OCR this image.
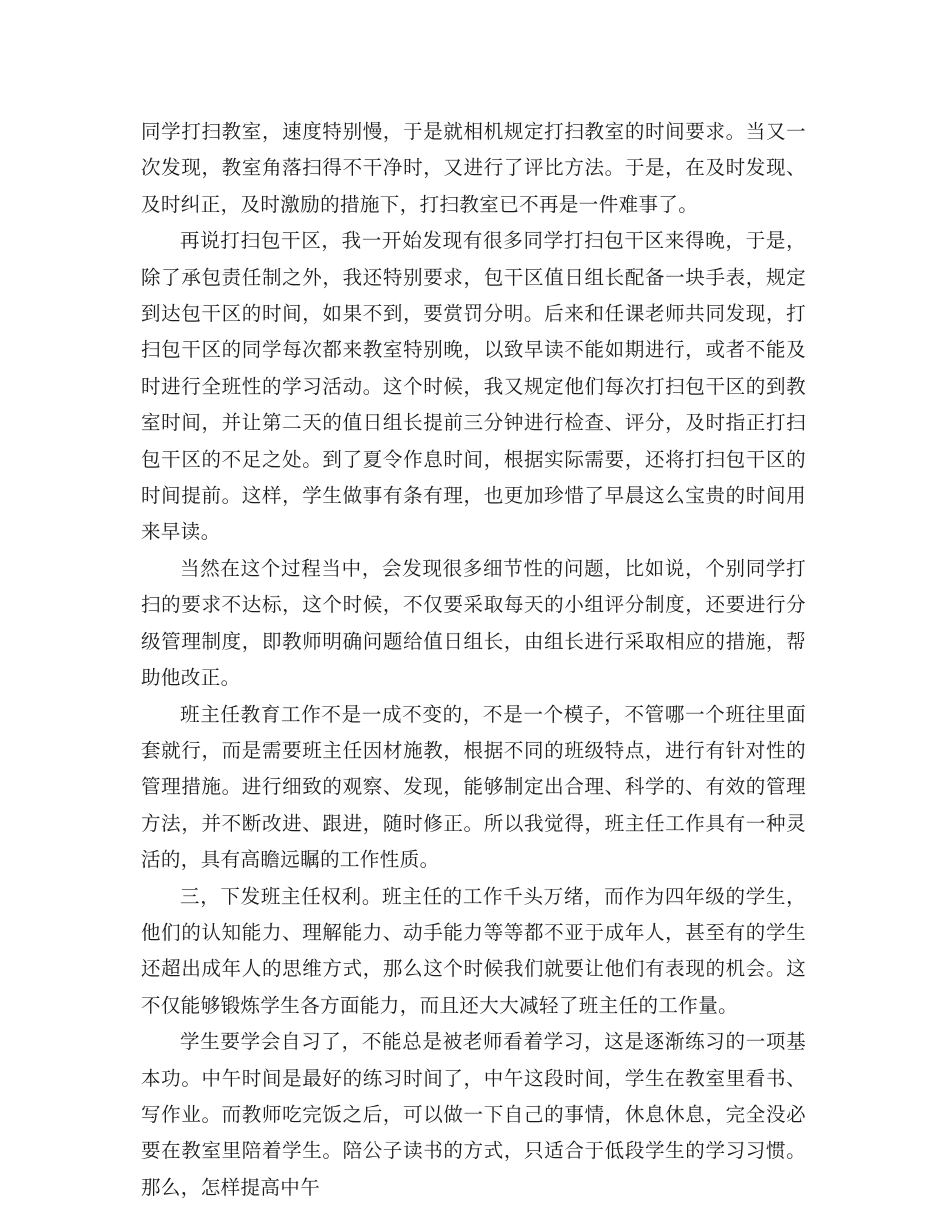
同学打扫教室，速度特别慢，于是就相机规定打扫教室的时间要求。当又一次发现，教室角落扫得不干净时，又进行了评比方法。于是，在及时发现、及时纠正，及时激励的措施下，打扫教室已不再是一件难事了。

再说打扫包干区，我一开始发现有很多同学打扫包干区来得晚，于是，除了承包责任制之外，我还特别要求，包干区值日组长配备一块手表，规定到达包干区的时间，如果不到，要赏罚分明。后来和任课老师共同发现，打扫包干区的同学每次都来教室特别晚，以致早读不能如期进行，或者不能及时进行全班性的学习活动。这个时候，我又规定他们每次打扫包干区的到教室时间，并让第二天的值日组长提前三分钟进行检查、评分，及时指正打扫包干区的不足之处。到了夏令作息时间，根据实际需要，还将打扫包干区的时间提前。这样，学生做事有条有理，也更加珍惜了早晨这么宝贵的时间用来早读。

当然在这个过程当中，会发现很多细节性的问题，比如说，个别同学打扫的要求不达标，这个时候，不仅要采取每天的小组评分制度，还要进行分级管理制度，即教师明确问题给值日组长，由组长进行采取相应的措施，帮助他改正。

班主任教育工作不是一成不变的，不是一个模子，不管哪一个班往里面套就行，而是需要班主任因材施教，根据不同的班级特点，进行有针对性的管理措施。进行细致的观察、发现，能够制定出合理、科学的、有效的管理方法，并不断改进、跟进，随时修正。所以我觉得，班主任工作具有一种灵活的，具有高瞻远瞩的工作性质。

三，下发班主任权利。班主任的工作千头万绪，而作为四年级的学生，他们的认知能力、理解能力、动手能力等等都不亚于成年人，甚至有的学生还超出成年人的思维方式，那么这个时候我们就要让他们有表现的机会。这不仅能够锻炼学生各方面能力，而且还大大减轻了班主任的工作量。

学生要学会自习了，不能总是被老师看着学习，这是逐渐练习的一项基本功。中午时间是最好的练习时间了，中午这段时间，学生在教室里看书、写作业。而教师吃完饭之后，可以做一下自己的事情，休息休息，完全没必要在教室里陪着学生。陪公子读书的方式，只适合于低段学生的学习习惯。那么，怎样提高中午
